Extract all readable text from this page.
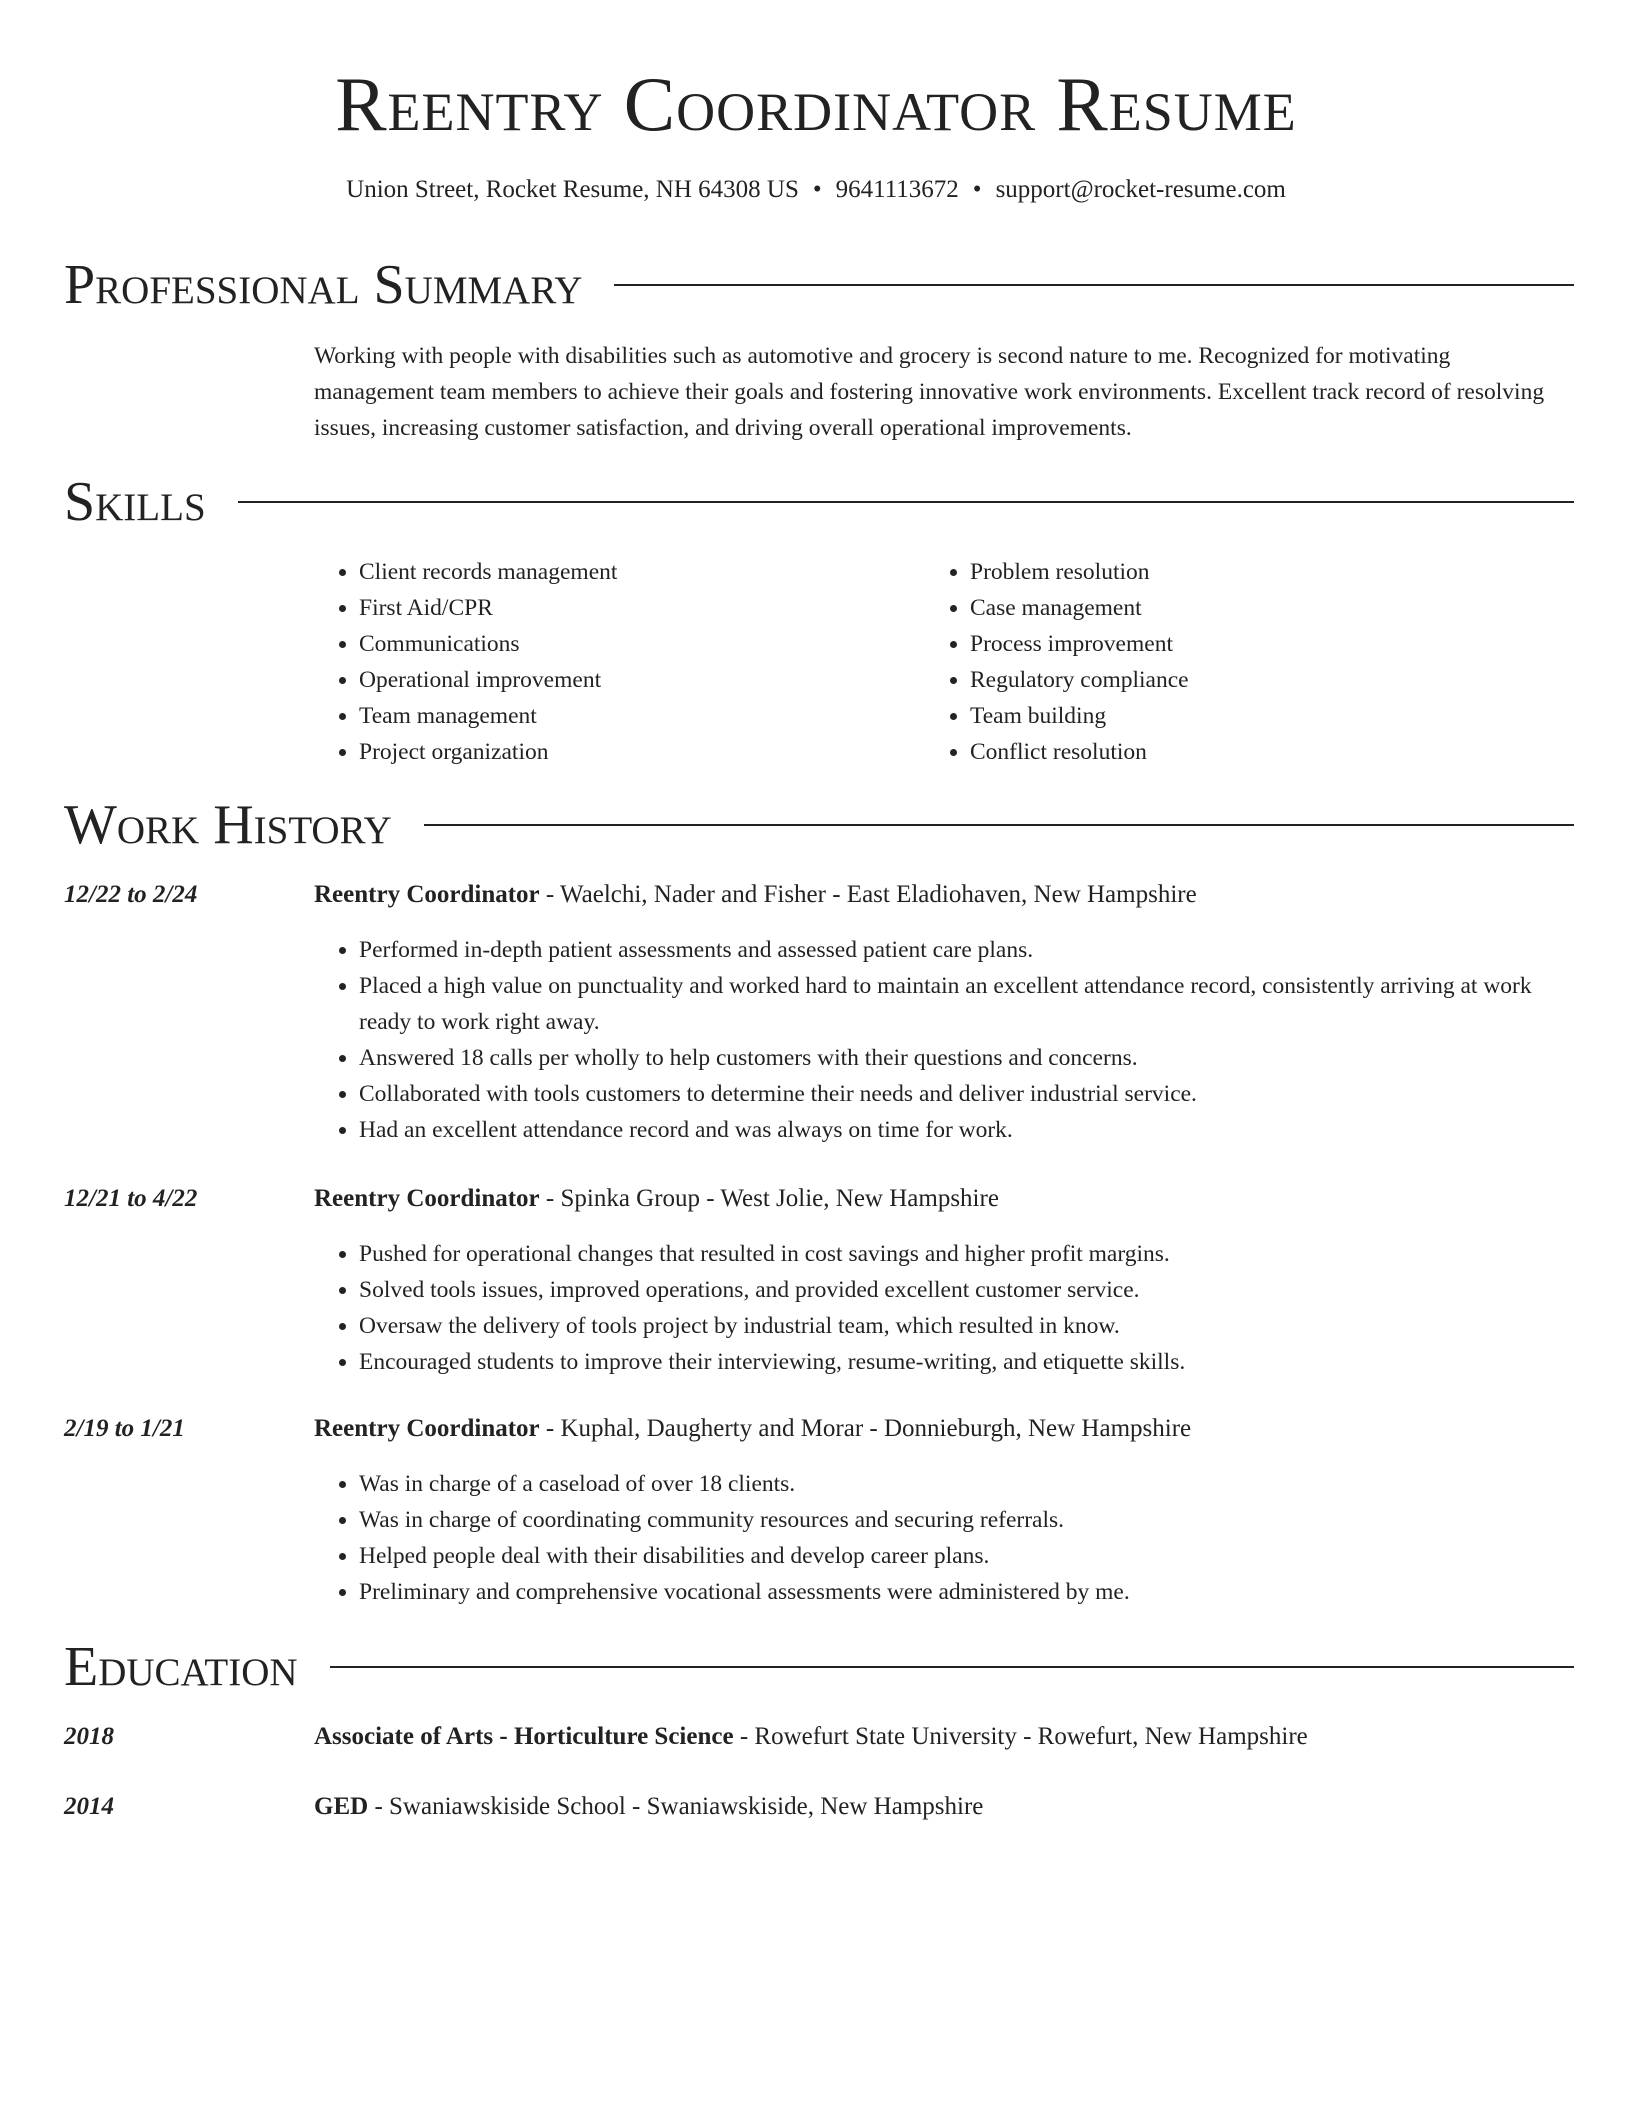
Reentry Coordinator Resume
Union Street, Rocket Resume, NH 64308 US • 9641113672 • support@rocket-resume.com
Professional Summary

Working with people with disabilities such as automotive and grocery is second nature to me. Recognized for motivating management team members to achieve their goals and fostering innovative work environments. Excellent track record of resolving issues, increasing customer satisfaction, and driving overall operational improvements.

Skills
• Client records management
• First Aid/CPR
• Communications
• Operational improvement
• Team management
• Project organization
• Problem resolution
• Case management
• Process improvement
• Regulatory compliance
• Team building
• Conflict resolution
Work History
12/22 to 2/24	Reentry Coordinator - Waelchi, Nader and Fisher - East Eladiohaven, New Hampshire
• Performed in-depth patient assessments and assessed patient care plans.
• Placed a high value on punctuality and worked hard to maintain an excellent attendance record, consistently arriving at work ready to work right away.
• Answered 18 calls per wholly to help customers with their questions and concerns.
• Collaborated with tools customers to determine their needs and deliver industrial service.
• Had an excellent attendance record and was always on time for work.
12/21 to 4/22	Reentry Coordinator - Spinka Group - West Jolie, New Hampshire
• Pushed for operational changes that resulted in cost savings and higher profit margins.
• Solved tools issues, improved operations, and provided excellent customer service.
• Oversaw the delivery of tools project by industrial team, which resulted in know.
• Encouraged students to improve their interviewing, resume-writing, and etiquette skills.
2/19 to 1/21	Reentry Coordinator - Kuphal, Daugherty and Morar - Donnieburgh, New Hampshire
• Was in charge of a caseload of over 18 clients.
• Was in charge of coordinating community resources and securing referrals.
• Helped people deal with their disabilities and develop career plans.
• Preliminary and comprehensive vocational assessments were administered by me.
Education
2018	Associate of Arts - Horticulture Science - Rowefurt State University - Rowefurt, New Hampshire
2014	GED - Swaniawskiside School - Swaniawskiside, New Hampshire
